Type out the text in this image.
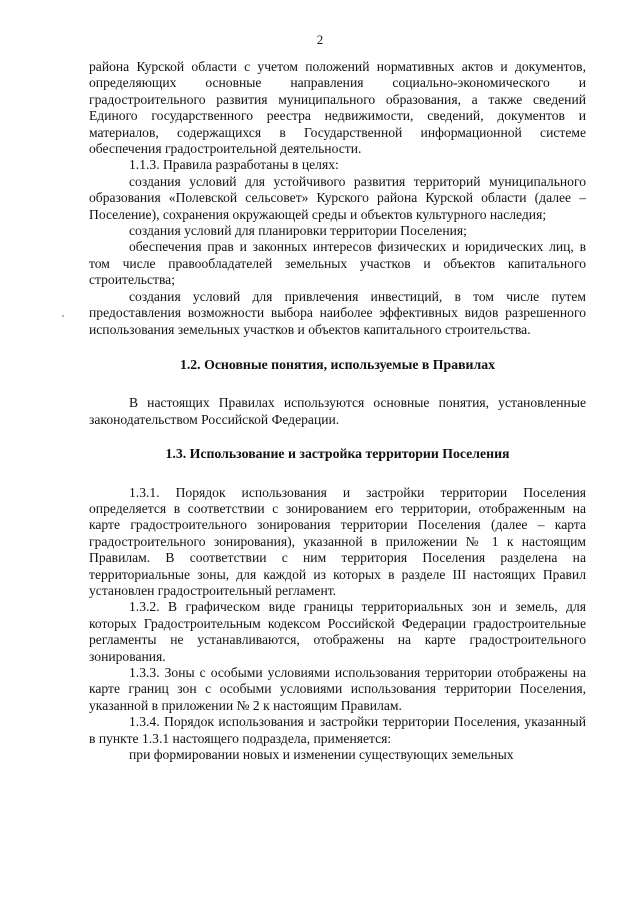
2

района Курской области с учетом положений нормативных актов и документов, определяющих основные направления социально-экономического и градостроительного развития муниципального образования, а также сведений Единого государственного реестра недвижимости, сведений, документов и материалов, содержащихся в Государственной информационной системе обеспечения градостроительной деятельности.

1.1.3. Правила разработаны в целях:

создания условий для устойчивого развития территорий муниципального образования «Полевской сельсовет» Курского района Курской области (далее – Поселение), сохранения окружающей среды и объектов культурного наследия;

создания условий для планировки территории Поселения;

обеспечения прав и законных интересов физических и юридических лиц, в том числе правообладателей земельных участков и объектов капитального строительства;

создания условий для привлечения инвестиций, в том числе путем предоставления возможности выбора наиболее эффективных видов разрешенного использования земельных участков и объектов капитального строительства.

1.2. Основные понятия, используемые в Правилах

В настоящих Правилах используются основные понятия, установленные законодательством Российской Федерации.

1.3. Использование и застройка территории Поселения

1.3.1. Порядок использования и застройки территории Поселения определяется в соответствии с зонированием его территории, отображенным на карте градостроительного зонирования территории Поселения (далее – карта градостроительного зонирования), указанной в приложении № 1 к настоящим Правилам. В соответствии с ним территория Поселения разделена на территориальные зоны, для каждой из которых в разделе III настоящих Правил установлен градостроительный регламент.

1.3.2. В графическом виде границы территориальных зон и земель, для которых Градостроительным кодексом Российской Федерации градостроительные регламенты не устанавливаются, отображены на карте градостроительного зонирования.

1.3.3. Зоны с особыми условиями использования территории отображены на карте границ зон с особыми условиями использования территории Поселения, указанной в приложении № 2 к настоящим Правилам.

1.3.4. Порядок использования и застройки территории Поселения, указанный в пункте 1.3.1 настоящего подраздела, применяется:

при формировании новых и изменении существующих земельных
